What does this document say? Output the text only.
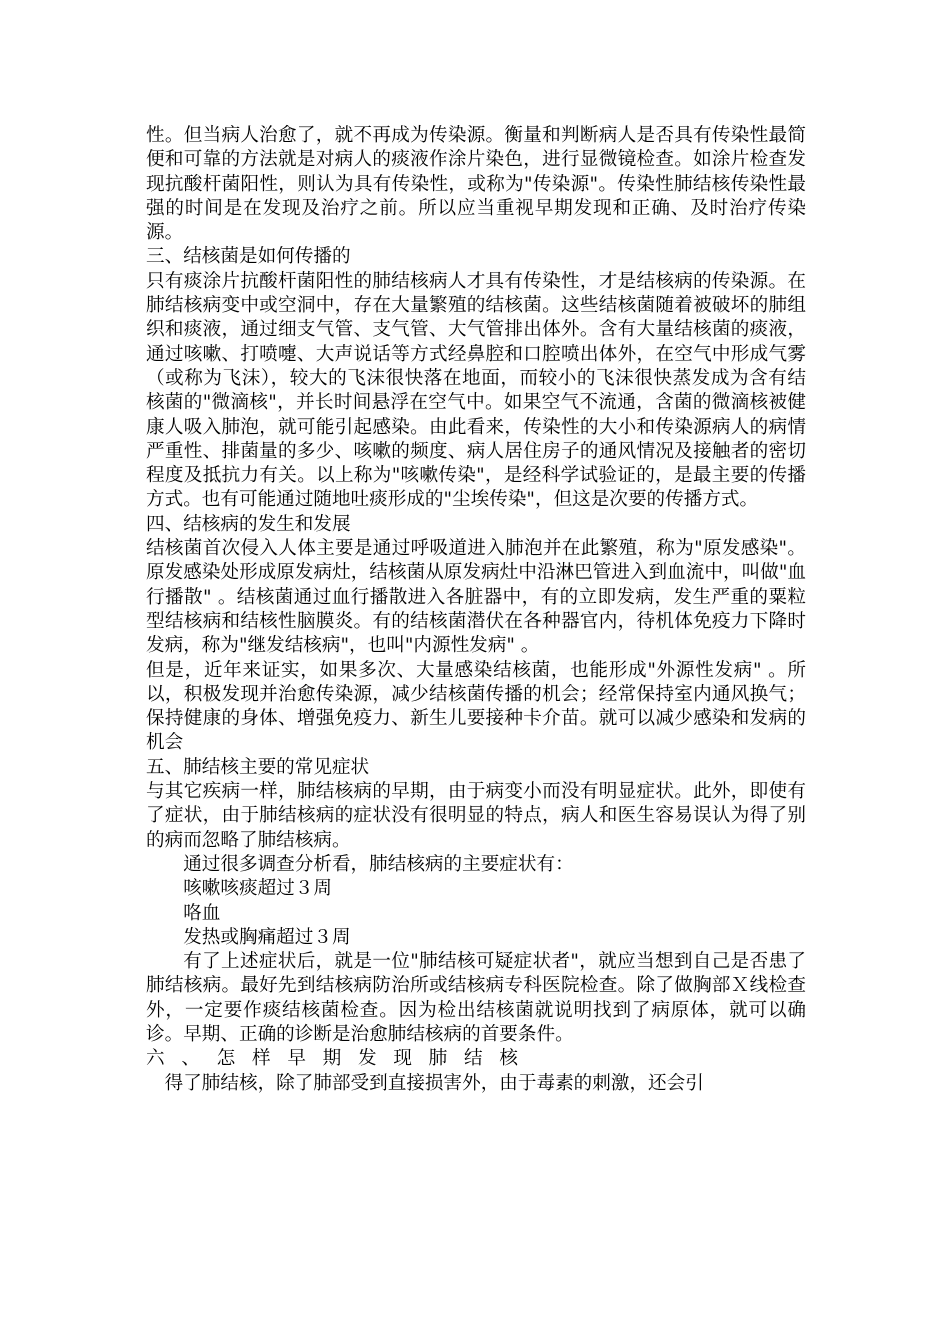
性。但当病人治愈了，就不再成为传染源。衡量和判断病人是否具有传染性最简便和可靠的方法就是对病人的痰液作涂片染色，进行显微镜检查。如涂片检查发现抗酸杆菌阳性，则认为具有传染性，或称为"传染源"。传染性肺结核传染性最强的时间是在发现及治疗之前。所以应当重视早期发现和正确、及时治疗传染源。

三、结核菌是如何传播的

只有痰涂片抗酸杆菌阳性的肺结核病人才具有传染性，才是结核病的传染源。在肺结核病变中或空洞中，存在大量繁殖的结核菌。这些结核菌随着被破坏的肺组织和痰液，通过细支气管、支气管、大气管排出体外。含有大量结核菌的痰液，通过咳嗽、打喷嚏、大声说话等方式经鼻腔和口腔喷出体外，在空气中形成气雾（或称为飞沫），较大的飞沫很快落在地面，而较小的飞沫很快蒸发成为含有结核菌的"微滴核"，并长时间悬浮在空气中。如果空气不流通，含菌的微滴核被健康人吸入肺泡，就可能引起感染。由此看来，传染性的大小和传染源病人的病情严重性、排菌量的多少、咳嗽的频度、病人居住房子的通风情况及接触者的密切程度及抵抗力有关。以上称为"咳嗽传染"，是经科学试验证的，是最主要的传播方式。也有可能通过随地吐痰形成的"尘埃传染"，但这是次要的传播方式。

四、结核病的发生和发展

结核菌首次侵入人体主要是通过呼吸道进入肺泡并在此繁殖，称为"原发感染"。原发感染处形成原发病灶，结核菌从原发病灶中沿淋巴管进入到血流中，叫做"血行播散" 。结核菌通过血行播散进入各脏器中，有的立即发病，发生严重的粟粒型结核病和结核性脑膜炎。有的结核菌潜伏在各种器官内，待机体免疫力下降时发病，称为"继发结核病"，也叫"内源性发病" 。

但是，近年来证实，如果多次、大量感染结核菌，也能形成"外源性发病" 。所以，积极发现并治愈传染源，减少结核菌传播的机会；经常保持室内通风换气；保持健康的身体、增强免疫力、新生儿要接种卡介苗。就可以减少感染和发病的机会

五、肺结核主要的常见症状

与其它疾病一样，肺结核病的早期，由于病变小而没有明显症状。此外，即使有了症状，由于肺结核病的症状没有很明显的特点，病人和医生容易误认为得了别的病而忽略了肺结核病。

通过很多调查分析看，肺结核病的主要症状有：

咳嗽咳痰超过３周

咯血

发热或胸痛超过３周

有了上述症状后，就是一位"肺结核可疑症状者"，就应当想到自己是否患了肺结核病。最好先到结核病防治所或结核病专科医院检查。除了做胸部Ｘ线检查外，一定要作痰结核菌检查。因为检出结核菌就说明找到了病原体，就可以确诊。早期、正确的诊断是治愈肺结核病的首要条件。

六、怎样早期发现肺结核

得了肺结核，除了肺部受到直接损害外，由于毒素的刺激，还会引
